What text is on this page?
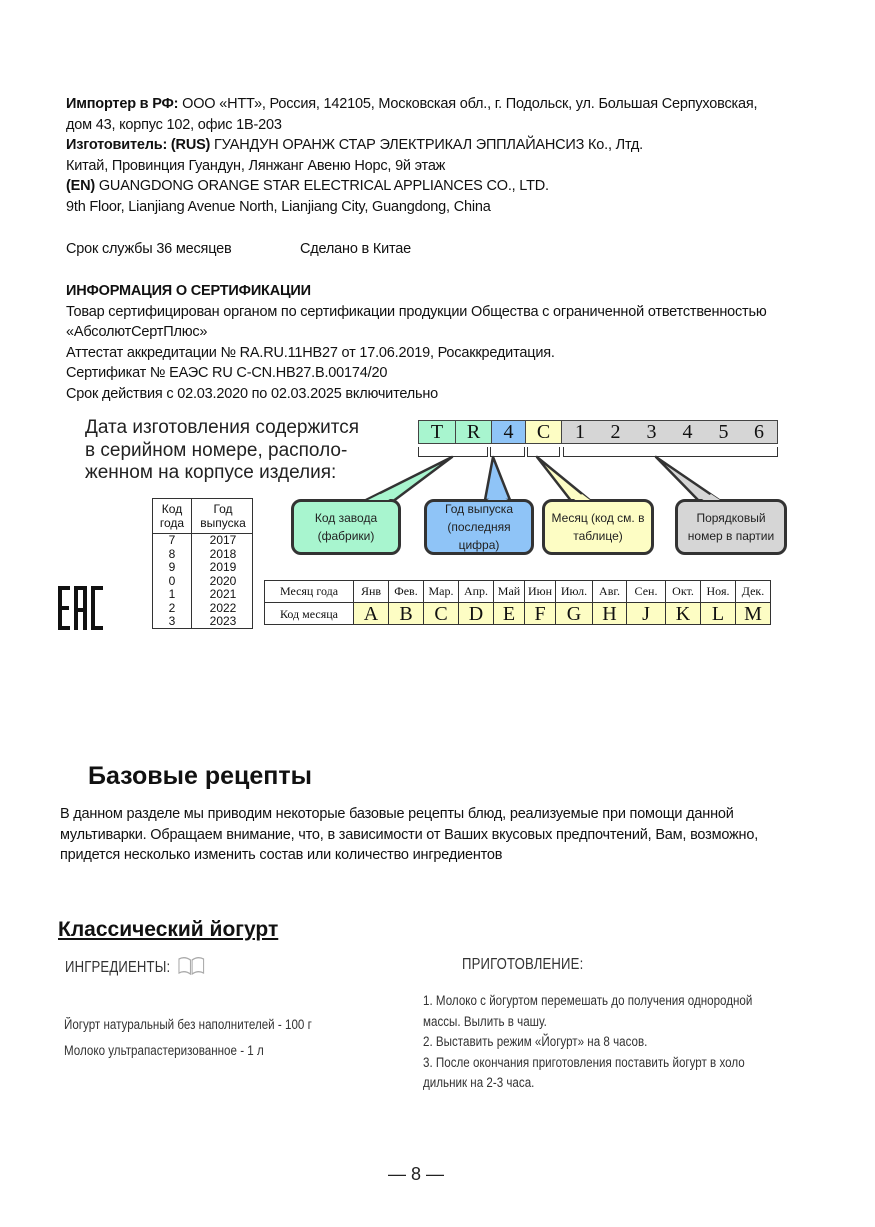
Импортер в РФ: ООО «НТТ», Россия, 142105, Московская обл., г. Подольск, ул. Большая Серпуховская,
дом 43, корпус 102, офис 1В-203
Изготовитель: (RUS) ГУАНДУН ОРАНЖ СТАР ЭЛЕКТРИКАЛ ЭППЛАЙАНСИЗ Ко., Лтд.
Китай, Провинция Гуандун, Лянжанг Авеню Норс, 9й этаж
(EN) GUANGDONG ORANGE STAR ELECTRICAL APPLIANCES CO., LTD.
9th Floor, Lianjiang Avenue North, Lianjiang City, Guangdong, China
Срок службы 36 месяцев	Сделано в Китае
ИНФОРМАЦИЯ О СЕРТИФИКАЦИИ
Товар сертифицирован органом по сертификации продукции Общества с ограниченной ответственностью
«АбсолютСертПлюс»
Аттестат аккредитации № RA.RU.11НВ27 от 17.06.2019, Росаккредитация.
Сертификат № ЕАЭС RU C-CN.НВ27.В.00174/20
Срок действия с 02.03.2020 по 02.03.2025 включительно
Дата изготовления содержится
в серийном номере, располо-
женном на корпусе изделия:
T	R	4	C	1	2	3	4	5	6
Код завода (фабрики)
Год выпуска (последняя цифра)
Месяц (код см. в таблице)
Порядковый номер в партии
Код года
Год выпуска
7	2017
8	2018
9	2019
0	2020
1	2021
2	2022
3	2023
Месяц года	Янв	Фев.	Мар.	Апр.	Май	Июн	Июл.	Авг.	Сен.	Окт.	Ноя.	Дек.
Код месяца	A	B	C	D	E	F	G	H	J	K	L	M
Базовые рецепты
В данном разделе мы приводим некоторые базовые рецепты блюд, реализуемые при помощи данной
мультиварки. Обращаем внимание, что, в зависимости от Ваших вкусовых предпочтений, Вам, возможно,
придется несколько изменить состав или количество ингредиентов
Классический йогурт
ИНГРЕДИЕНТЫ:	ПРИГОТОВЛЕНИЕ:
Йогурт натуральный без наполнителей - 100 г
Молоко ультрапастеризованное - 1 л
1. Молоко с йогуртом перемешать до получения однородной
массы. Вылить в чашу.
2. Выставить режим «Йогурт» на 8 часов.
3. После окончания приготовления поставить йогурт в холо
дильник на 2-3 часа.
— 8 —
